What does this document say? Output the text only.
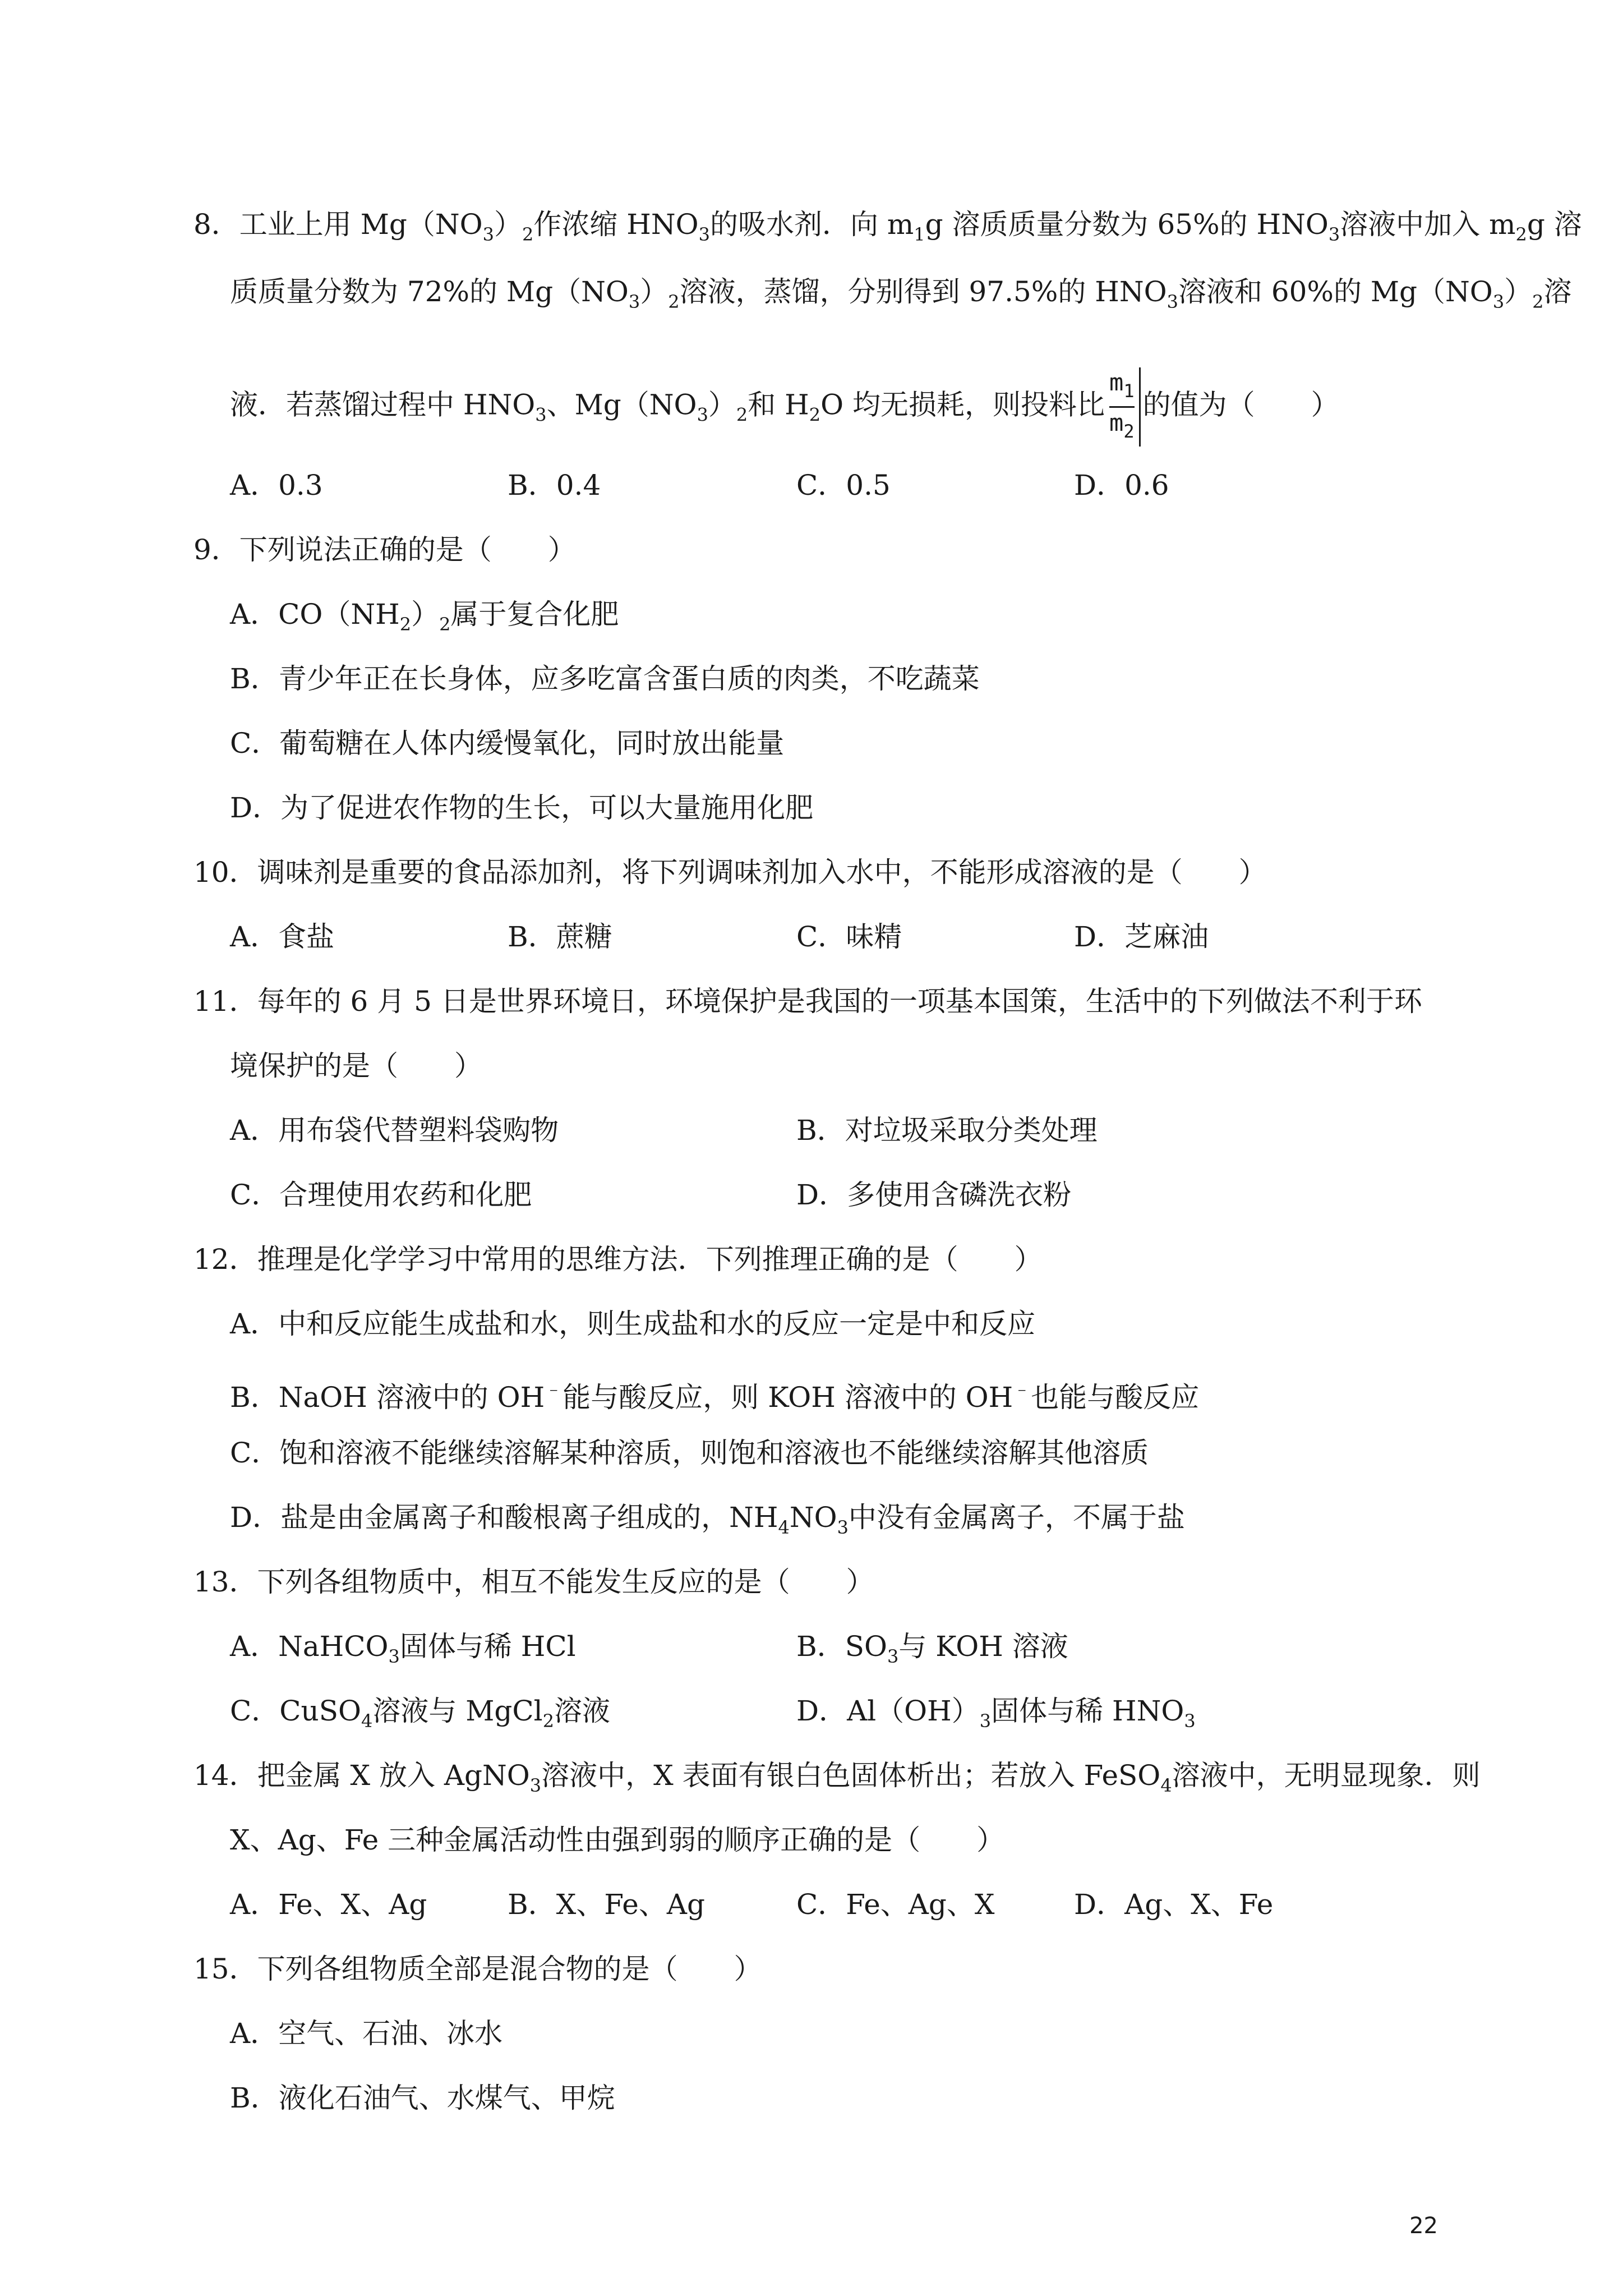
8．工业上用 $Mg(NO_3)_2$作浓缩 $HNO_3$的吸水剂．向 $m_1g$ 溶质质量分数为 65%的 $HNO_3$溶液中加入 $m_2g$ 溶
质质量分数为 72%的 $Mg(NO_3)_2$溶液，蒸馏，分别得到 97.5%的 $HNO_3$溶液和 60%的 $Mg(NO_3)_2$溶
液．若蒸馏过程中 $HNO_3$、$Mg(NO_3)_2$和 $H_2O$ 均无损耗，则投料比 $\frac{m_1}{m_2}$ 的值为（　　）
A．0.3	B．0.4	C．0.5	D．0.6
9．下列说法正确的是（　　）
A．$CO(NH_2)_2$属于复合化肥
B．青少年正在长身体，应多吃富含蛋白质的肉类，不吃蔬菜
C．葡萄糖在人体内缓慢氧化，同时放出能量
D．为了促进农作物的生长，可以大量施用化肥
10．调味剂是重要的食品添加剂，将下列调味剂加入水中，不能形成溶液的是（　　）
A．食盐	B．蔗糖	C．味精	D．芝麻油
11．每年的 6 月 5 日是世界环境日，环境保护是我国的一项基本国策，生活中的下列做法不利于环
境保护的是（　　）
A．用布袋代替塑料袋购物	B．对垃圾采取分类处理
C．合理使用农药和化肥	D．多使用含磷洗衣粉
12．推理是化学学习中常用的思维方法．下列推理正确的是（　　）
A．中和反应能生成盐和水，则生成盐和水的反应一定是中和反应
B．NaOH 溶液中的 OH﹣能与酸反应，则 KOH 溶液中的 OH﹣也能与酸反应
C．饱和溶液不能继续溶解某种溶质，则饱和溶液也不能继续溶解其他溶质
D．盐是由金属离子和酸根离子组成的，$NH_4NO_3$中没有金属离子，不属于盐
13．下列各组物质中，相互不能发生反应的是（　　）
A．NaHCO$_3$固体与稀 HCl	B．$SO_3$与 KOH 溶液
C．CuSO$_4$溶液与 MgCl$_2$溶液	D．$Al(OH)_3$固体与稀 $HNO_3$
14．把金属 X 放入 AgNO$_3$溶液中，X 表面有银白色固体析出；若放入 FeSO$_4$溶液中，无明显现象．则
X、Ag、Fe 三种金属活动性由强到弱的顺序正确的是（　　）
A．Fe、X、Ag	B．X、Fe、Ag	C．Fe、Ag、X	D．Ag、X、Fe
15．下列各组物质全部是混合物的是（　　）
A．空气、石油、冰水
B．液化石油气、水煤气、甲烷
22
